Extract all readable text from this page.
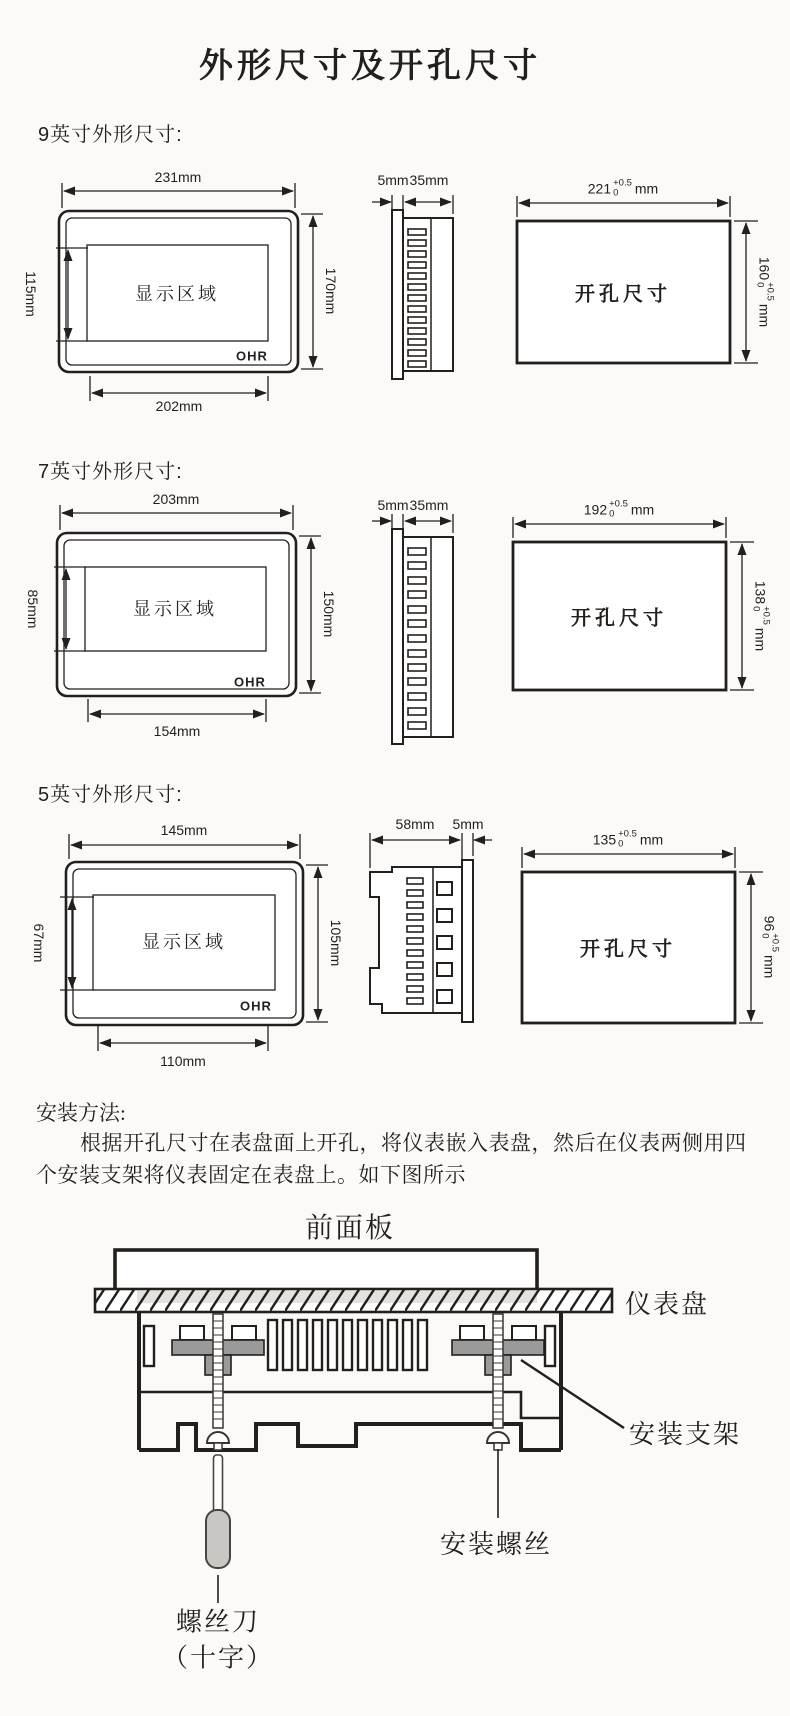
外形尺寸及开孔尺寸
9英寸外形尺寸:
7英寸外形尺寸:
5英寸外形尺寸:
231mm
115mm	170mm
202mm
显示区域
OHR
5mm 35mm
开孔尺寸
221 +0.5
0	mm
160
+0.5
0
mm
203mm
85mm	150mm
154mm
显示区域
OHR
5mm 35mm
开孔尺寸
192 +0.5
0	mm
138
+0.5
0
mm
145mm
67mm	105mm
110mm
显示区域
OHR
58mm 5mm
开孔尺寸
135 +0.5
0	mm
96
+0.5
0
mm
安装方法:
根据开孔尺寸在表盘面上开孔，将仪表嵌入表盘，然后在仪表两侧用四
个安装支架将仪表固定在表盘上。如下图所示
前面板
仪表盘
安装支架
安装螺丝
螺丝刀
（十字）
